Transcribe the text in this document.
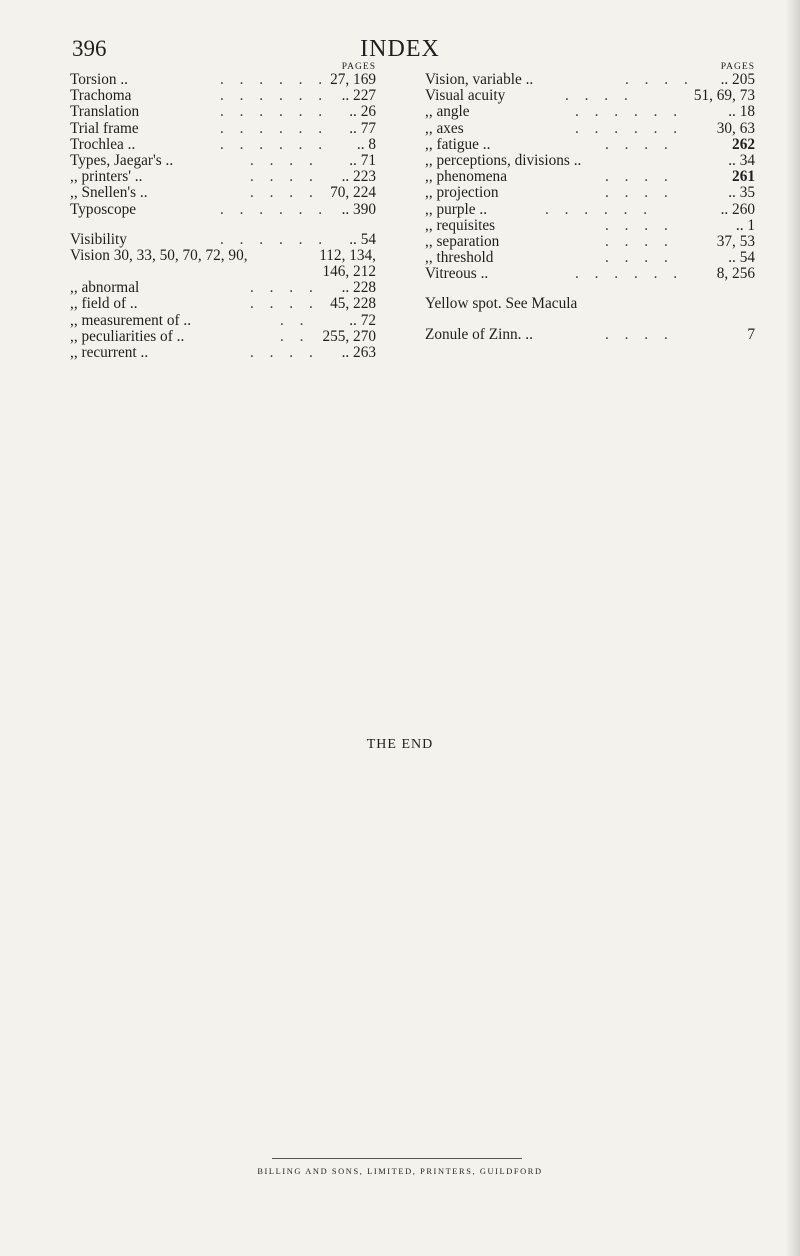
396	INDEX
PAGES
Torsion ..	. . . . . . 27, 169
Trachoma	. . . . . . .. 227
Translation	. . . . . . .. 26
Trial frame	. . . . . . .. 77
Trochlea ..	. . . . . . .. 8
Types, Jaegar's ..	. . . . .. 71
,, printers' ..	. . . . .. 223
,, Snellen's ..	. . . . 70, 224
Typoscope	. . . . . . .. 390
Visibility	. . . . . . .. 54
Vision 30, 33, 50, 70, 72, 90,	112, 134,
146, 212
,, abnormal	. . . . .. 228
,, field of ..	. . . . 45, 228
,, measurement of ..	. .	.. 72
,, peculiarities of ..	. . 255, 270
,, recurrent ..	. . . . .. 263
PAGES
Vision, variable ..	. . . . .. 205
Visual acuity	. . . .	51, 69, 73
,, angle	. . . . . .	.. 18
,, axes	. . . . . . 30, 63
,, fatigue ..	. . . .	262
,, perceptions, divisions ..	.. 34
,, phenomena	. . . .	261
,, projection	. . . .	.. 35
,, purple ..	. . . . . .	.. 260
,, requisites	. . . .	.. 1
,, separation	. . . .	37, 53
,, threshold	. . . .	.. 54
Vitreous ..	. . . . . . 8, 256
Yellow spot. See Macula
Zonule of Zinn. ..	. . . .	7
THE END
BILLING AND SONS, LIMITED, PRINTERS, GUILDFORD
